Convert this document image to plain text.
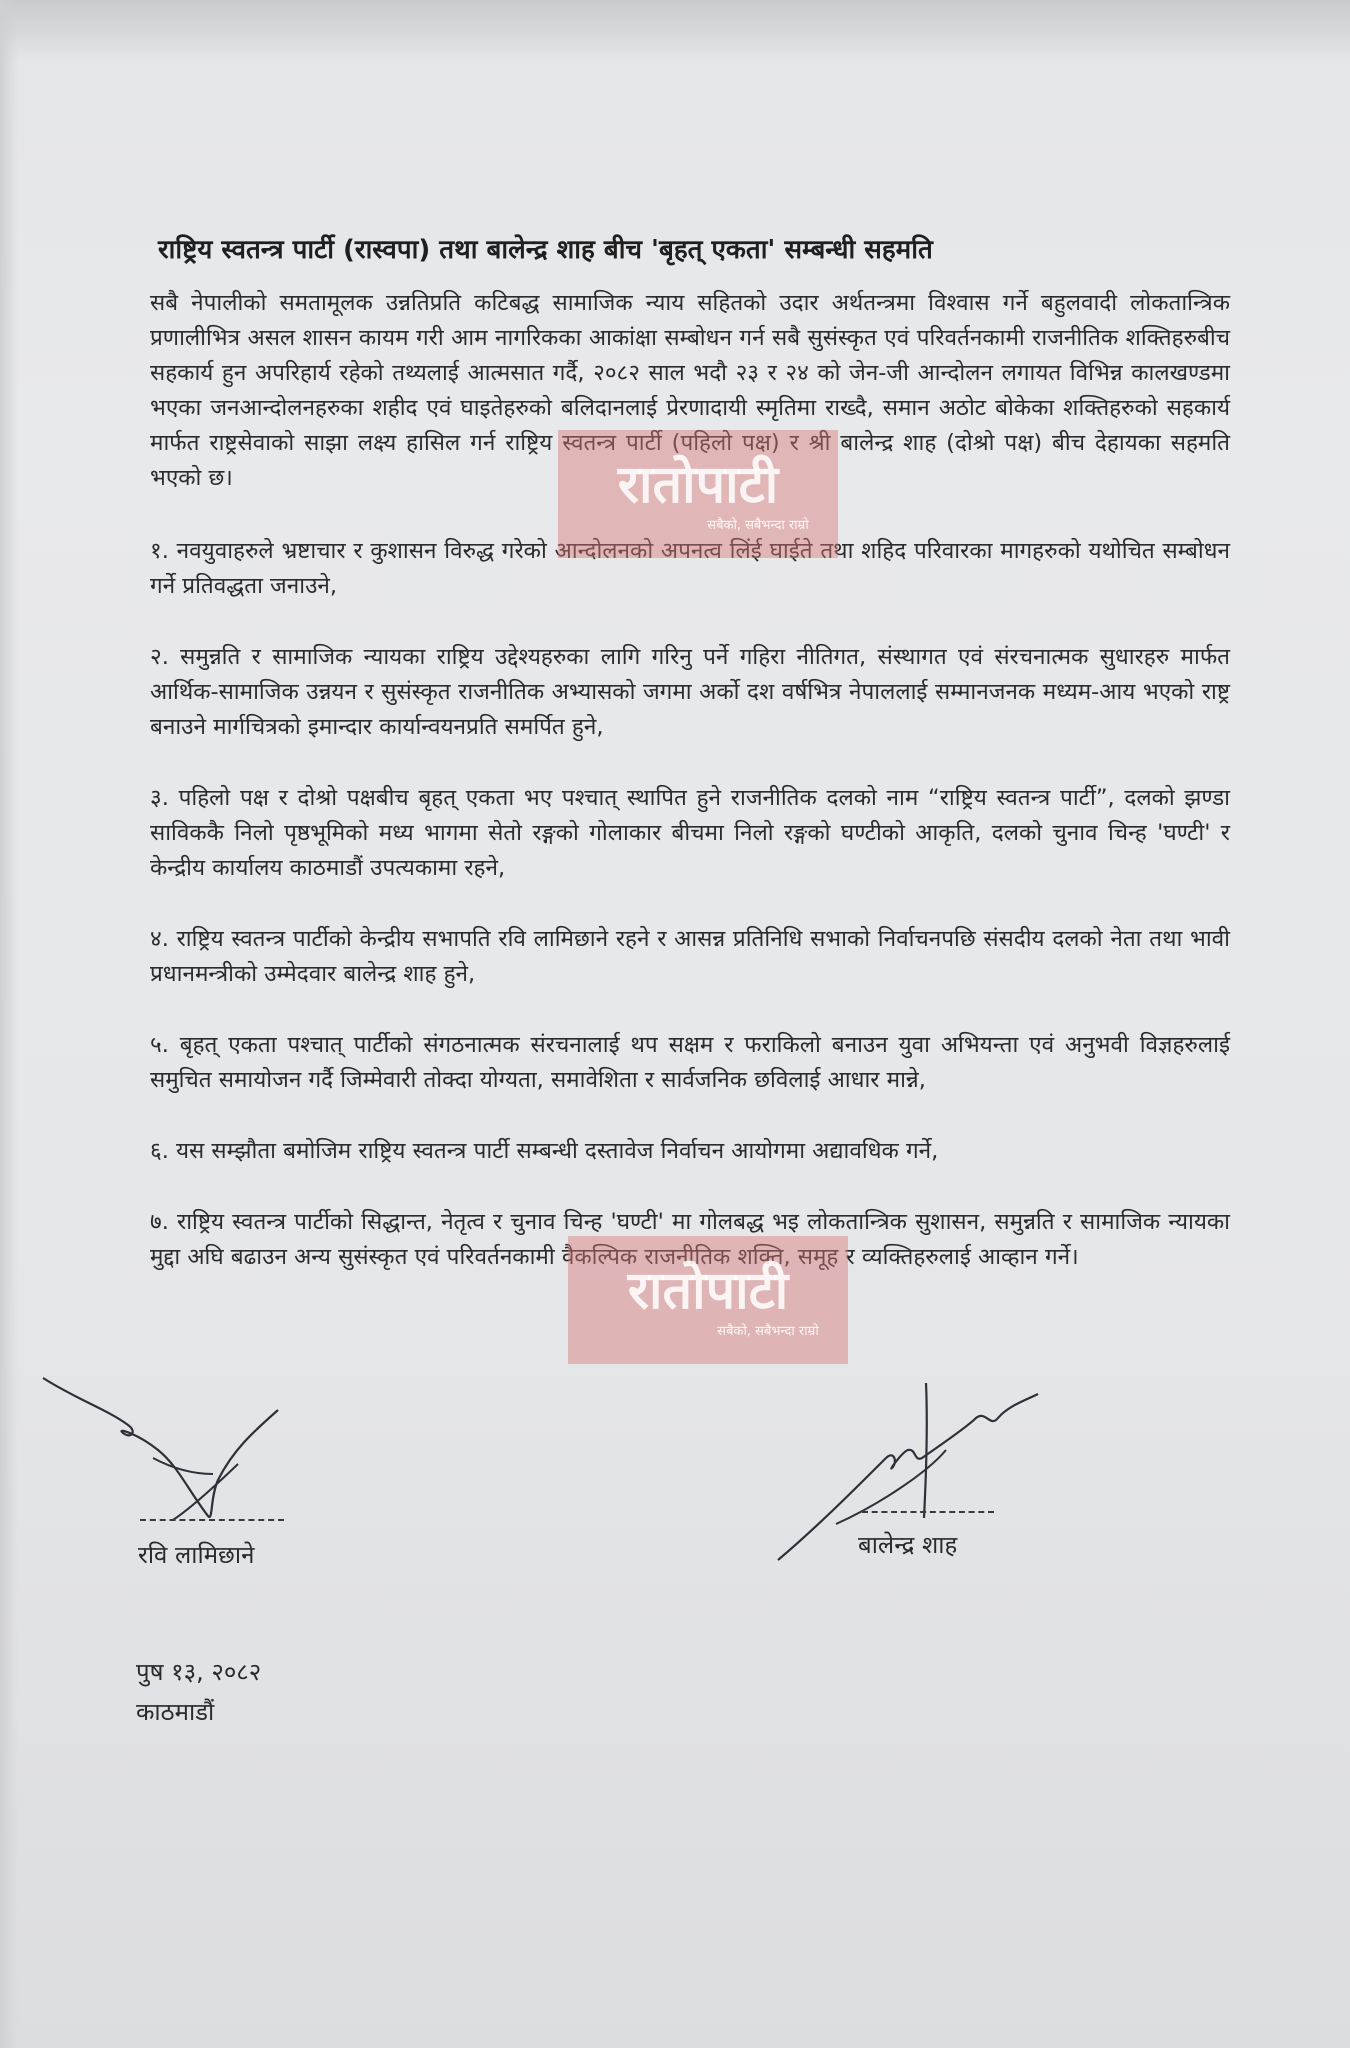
राष्ट्रिय स्वतन्त्र पार्टी (रास्वपा) तथा बालेन्द्र शाह बीच 'बृहत् एकता' सम्बन्धी सहमति

सबै नेपालीको समतामूलक उन्नतिप्रति कटिबद्ध सामाजिक न्याय सहितको उदार अर्थतन्त्रमा विश्वास गर्ने बहुलवादी लोकतान्त्रिक प्रणालीभित्र असल शासन कायम गरी आम नागरिकका आकांक्षा सम्बोधन गर्न सबै सुसंस्कृत एवं परिवर्तनकामी राजनीतिक शक्तिहरुबीच सहकार्य हुन अपरिहार्य रहेको तथ्यलाई आत्मसात गर्दै, २०८२ साल भदौ २३ र २४ को जेन-जी आन्दोलन लगायत विभिन्न कालखण्डमा भएका जनआन्दोलनहरुका शहीद एवं घाइतेहरुको बलिदानलाई प्रेरणादायी स्मृतिमा राख्दै, समान अठोट बोकेका शक्तिहरुको सहकार्य मार्फत राष्ट्रसेवाको साझा लक्ष्य हासिल गर्न राष्ट्रिय स्वतन्त्र पार्टी (पहिलो पक्ष) र श्री बालेन्द्र शाह (दोश्रो पक्ष) बीच देहायका सहमति भएको छ।

१. नवयुवाहरुले भ्रष्टाचार र कुशासन विरुद्ध गरेको आन्दोलनको अपनत्व लिंई घाईते तथा शहिद परिवारका मागहरुको यथोचित सम्बोधन गर्ने प्रतिवद्धता जनाउने,

२. समुन्नति र सामाजिक न्यायका राष्ट्रिय उद्देश्यहरुका लागि गरिनु पर्ने गहिरा नीतिगत, संस्थागत एवं संरचनात्मक सुधारहरु मार्फत आर्थिक-सामाजिक उन्नयन र सुसंस्कृत राजनीतिक अभ्यासको जगमा अर्को दश वर्षभित्र नेपाललाई सम्मानजनक मध्यम-आय भएको राष्ट्र बनाउने मार्गचित्रको इमान्दार कार्यान्वयनप्रति समर्पित हुने,

३. पहिलो पक्ष र दोश्रो पक्षबीच बृहत् एकता भए पश्चात् स्थापित हुने राजनीतिक दलको नाम “राष्ट्रिय स्वतन्त्र पार्टी”, दलको झण्डा साविककै निलो पृष्ठभूमिको मध्य भागमा सेतो रङ्गको गोलाकार बीचमा निलो रङ्गको घण्टीको आकृति, दलको चुनाव चिन्ह 'घण्टी' र केन्द्रीय कार्यालय काठमाडौं उपत्यकामा रहने,

४. राष्ट्रिय स्वतन्त्र पार्टीको केन्द्रीय सभापति रवि लामिछाने रहने र आसन्न प्रतिनिधि सभाको निर्वाचनपछि संसदीय दलको नेता तथा भावी प्रधानमन्त्रीको उम्मेदवार बालेन्द्र शाह हुने,

५. बृहत् एकता पश्चात् पार्टीको संगठनात्मक संरचनालाई थप सक्षम र फराकिलो बनाउन युवा अभियन्ता एवं अनुभवी विज्ञहरुलाई समुचित समायोजन गर्दै जिम्मेवारी तोक्दा योग्यता, समावेशिता र सार्वजनिक छविलाई आधार मान्ने,

६. यस सम्झौता बमोजिम राष्ट्रिय स्वतन्त्र पार्टी सम्बन्धी दस्तावेज निर्वाचन आयोगमा अद्यावधिक गर्ने,

७. राष्ट्रिय स्वतन्त्र पार्टीको सिद्धान्त, नेतृत्व र चुनाव चिन्ह 'घण्टी' मा गोलबद्ध भइ लोकतान्त्रिक सुशासन, समुन्नति र सामाजिक न्यायका मुद्दा अघि बढाउन अन्य सुसंस्कृत एवं परिवर्तनकामी वैकल्पिक राजनीतिक शक्ति, समूह र व्यक्तिहरुलाई आव्हान गर्ने।

रातोपाटी
सबैको, सबैभन्दा राम्रो
रातोपाटी
सबैको, सबैभन्दा राम्रो
रवि लामिछाने	बालेन्द्र शाह
पुष १३, २०८२
काठमाडौं
